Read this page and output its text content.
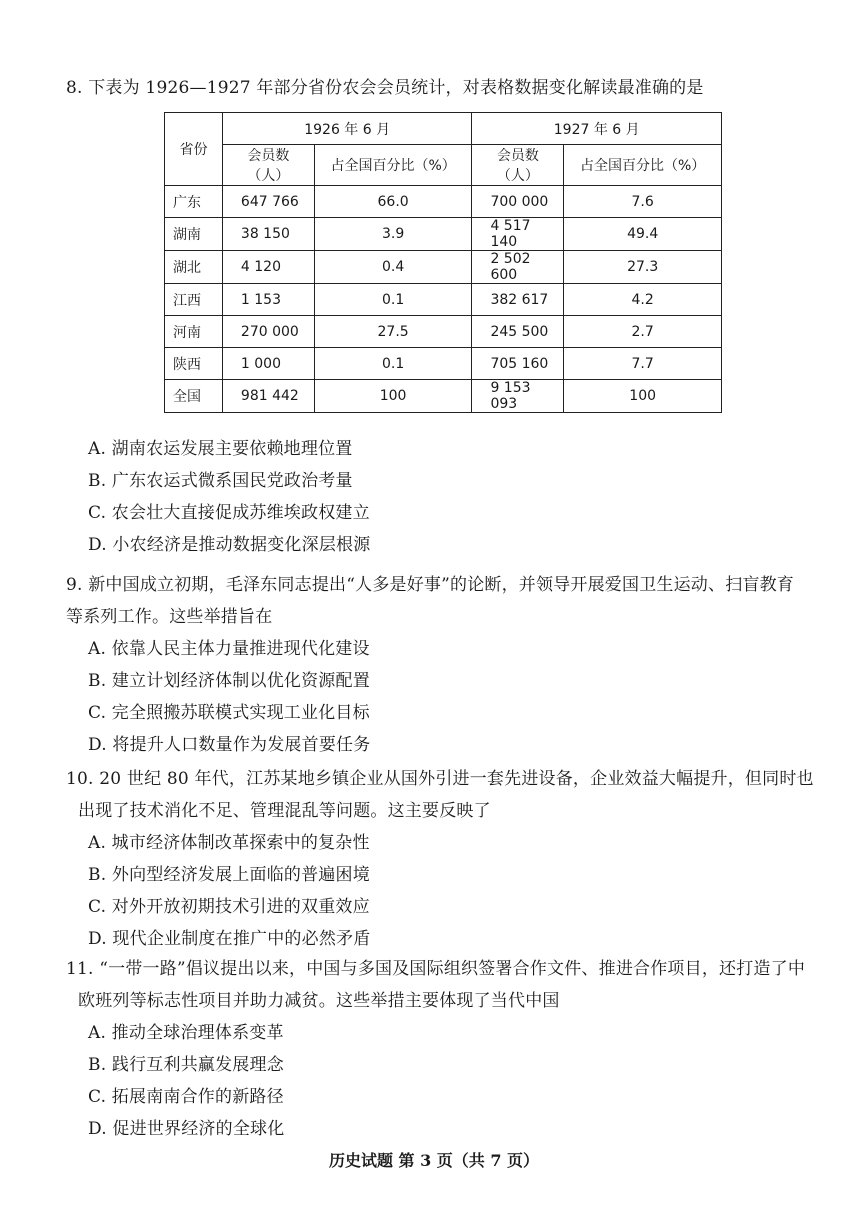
8. 下表为 1926—1927 年部分省份农会会员统计，对表格数据变化解读最准确的是
省份	1926 年 6 月		1927 年 6 月	
	会员数（人）	占全国百分比（%）	会员数（人）	占全国百分比（%）
广东	647 766	66.0	700 000	7.6
湖南	38 150	3.9	4 517 140	49.4
湖北	4 120	0.4	2 502 600	27.3
江西	1 153	0.1	382 617	4.2
河南	270 000	27.5	245 500	2.7
陕西	1 000	0.1	705 160	7.7
全国	981 442	100	9 153 093	100
A. 湖南农运发展主要依赖地理位置
B. 广东农运式微系国民党政治考量
C. 农会壮大直接促成苏维埃政权建立
D. 小农经济是推动数据变化深层根源
9. 新中国成立初期，毛泽东同志提出“人多是好事”的论断，并领导开展爱国卫生运动、扫盲教育
等系列工作。这些举措旨在
A. 依靠人民主体力量推进现代化建设
B. 建立计划经济体制以优化资源配置
C. 完全照搬苏联模式实现工业化目标
D. 将提升人口数量作为发展首要任务
10. 20 世纪 80 年代，江苏某地乡镇企业从国外引进一套先进设备，企业效益大幅提升，但同时也
出现了技术消化不足、管理混乱等问题。这主要反映了
A. 城市经济体制改革探索中的复杂性
B. 外向型经济发展上面临的普遍困境
C. 对外开放初期技术引进的双重效应
D. 现代企业制度在推广中的必然矛盾
11. “一带一路”倡议提出以来，中国与多国及国际组织签署合作文件、推进合作项目，还打造了中
欧班列等标志性项目并助力减贫。这些举措主要体现了当代中国
A. 推动全球治理体系变革
B. 践行互利共赢发展理念
C. 拓展南南合作的新路径
D. 促进世界经济的全球化
历史试题 第 3 页（共 7 页）
